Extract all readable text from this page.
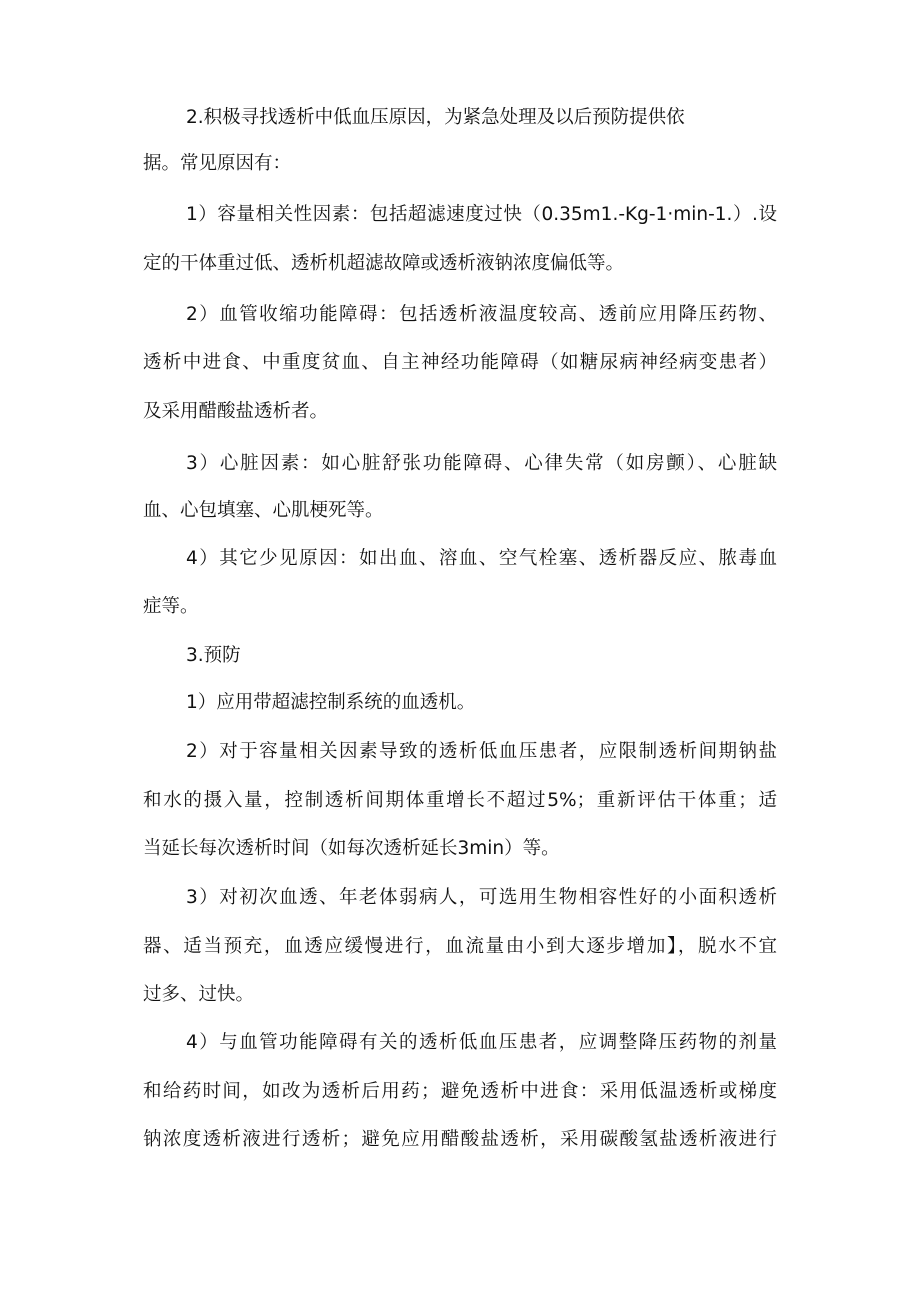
2.积极寻找透析中低血压原因，为紧急处理及以后预防提供依

据。常见原因有：

1）容量相关性因素：包括超滤速度过快（0.35m1.-Kg-1·min-1.）.设

定的干体重过低、透析机超滤故障或透析液钠浓度偏低等。

2）血管收缩功能障碍：包括透析液温度较高、透前应用降压药物、

透析中进食、中重度贫血、自主神经功能障碍（如糖尿病神经病变患者）

及采用醋酸盐透析者。

3）心脏因素：如心脏舒张功能障碍、心律失常（如房颤）、心脏缺

血、心包填塞、心肌梗死等。

4）其它少见原因：如出血、溶血、空气栓塞、透析器反应、脓毒血

症等。

3.预防

1）应用带超滤控制系统的血透机。

2）对于容量相关因素导致的透析低血压患者，应限制透析间期钠盐

和水的摄入量，控制透析间期体重增长不超过5%；重新评估干体重；适

当延长每次透析时间（如每次透析延长3min）等。

3）对初次血透、年老体弱病人，可选用生物相容性好的小面积透析

器、适当预充，血透应缓慢进行，血流量由小到大逐步增加】，脱水不宜

过多、过快。

4）与血管功能障碍有关的透析低血压患者，应调整降压药物的剂量

和给药时间，如改为透析后用药；避免透析中进食：采用低温透析或梯度

钠浓度透析液进行透析；避免应用醋酸盐透析，采用碳酸氢盐透析液进行
